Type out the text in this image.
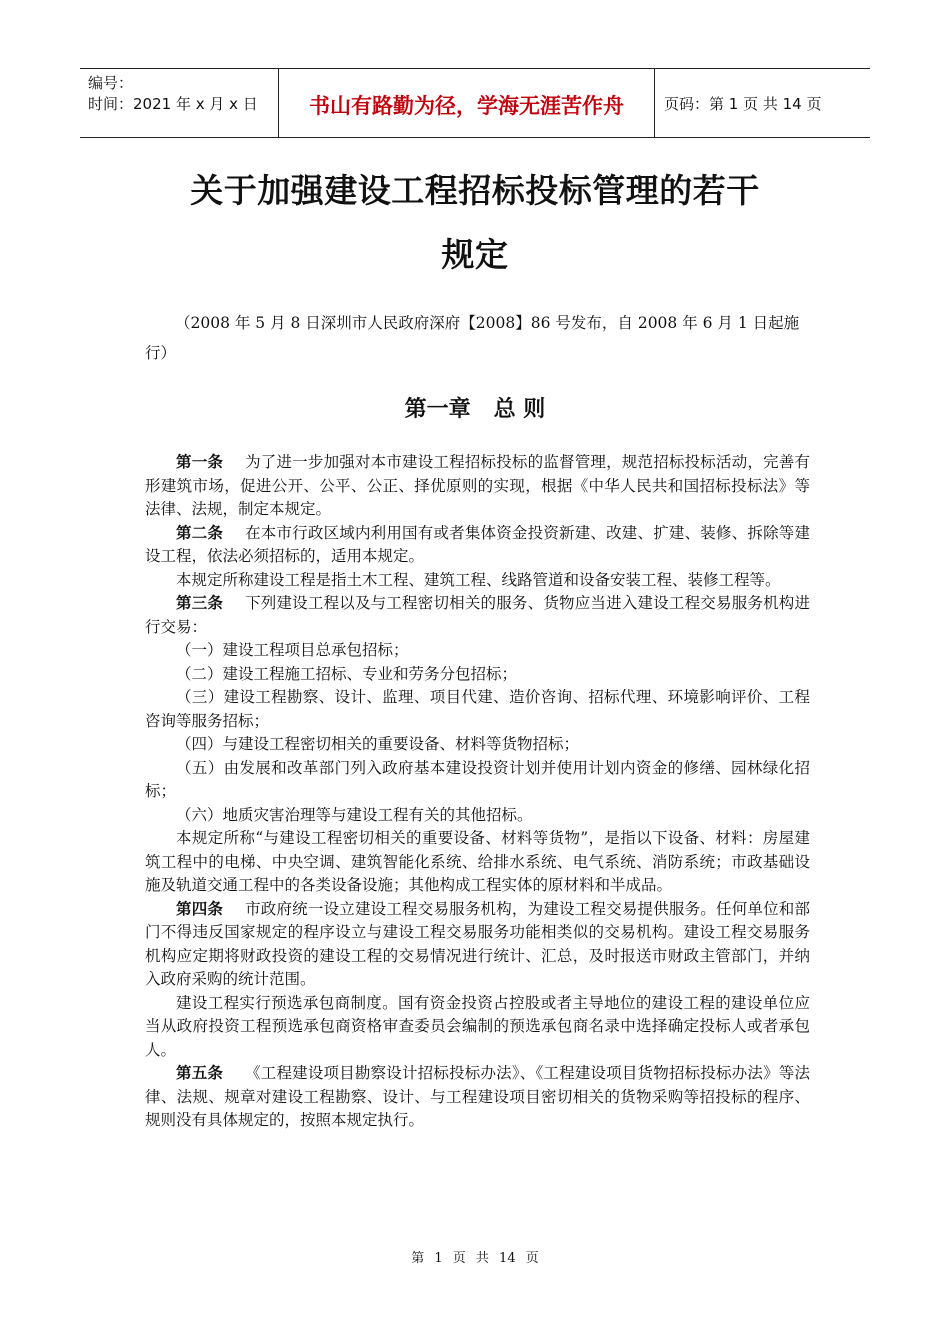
编号：
时间：2021 年 x 月 x 日	书山有路勤为径，学海无涯苦作舟	页码：第 1 页 共 14 页
关于加强建设工程招标投标管理的若干
规定
（2008 年 5 月 8 日深圳市人民政府深府【2008】86 号发布，自 2008 年 6 月 1 日起施行）
第一章   总 则

第一条 为了进一步加强对本市建设工程招标投标的监督管理，规范招标投标活动，完善有形建筑市场，促进公开、公平、公正、择优原则的实现，根据《中华人民共和国招标投标法》等法律、法规，制定本规定。

第二条 在本市行政区域内利用国有或者集体资金投资新建、改建、扩建、装修、拆除等建设工程，依法必须招标的，适用本规定。

本规定所称建设工程是指土木工程、建筑工程、线路管道和设备安装工程、装修工程等。

第三条 下列建设工程以及与工程密切相关的服务、货物应当进入建设工程交易服务机构进行交易：

（一）建设工程项目总承包招标；

（二）建设工程施工招标、专业和劳务分包招标；

（三）建设工程勘察、设计、监理、项目代建、造价咨询、招标代理、环境影响评价、工程咨询等服务招标；

（四）与建设工程密切相关的重要设备、材料等货物招标；

（五）由发展和改革部门列入政府基本建设投资计划并使用计划内资金的修缮、园林绿化招标；

（六）地质灾害治理等与建设工程有关的其他招标。

本规定所称“与建设工程密切相关的重要设备、材料等货物”，是指以下设备、材料：房屋建筑工程中的电梯、中央空调、建筑智能化系统、给排水系统、电气系统、消防系统；市政基础设施及轨道交通工程中的各类设备设施；其他构成工程实体的原材料和半成品。

第四条 市政府统一设立建设工程交易服务机构，为建设工程交易提供服务。任何单位和部门不得违反国家规定的程序设立与建设工程交易服务功能相类似的交易机构。建设工程交易服务机构应定期将财政投资的建设工程的交易情况进行统计、汇总，及时报送市财政主管部门，并纳入政府采购的统计范围。

建设工程实行预选承包商制度。国有资金投资占控股或者主导地位的建设工程的建设单位应当从政府投资工程预选承包商资格审查委员会编制的预选承包商名录中选择确定投标人或者承包人。

第五条 《工程建设项目勘察设计招标投标办法》、《工程建设项目货物招标投标办法》等法律、法规、规章对建设工程勘察、设计、与工程建设项目密切相关的货物采购等招投标的程序、规则没有具体规定的，按照本规定执行。

第 1 页 共 14 页
